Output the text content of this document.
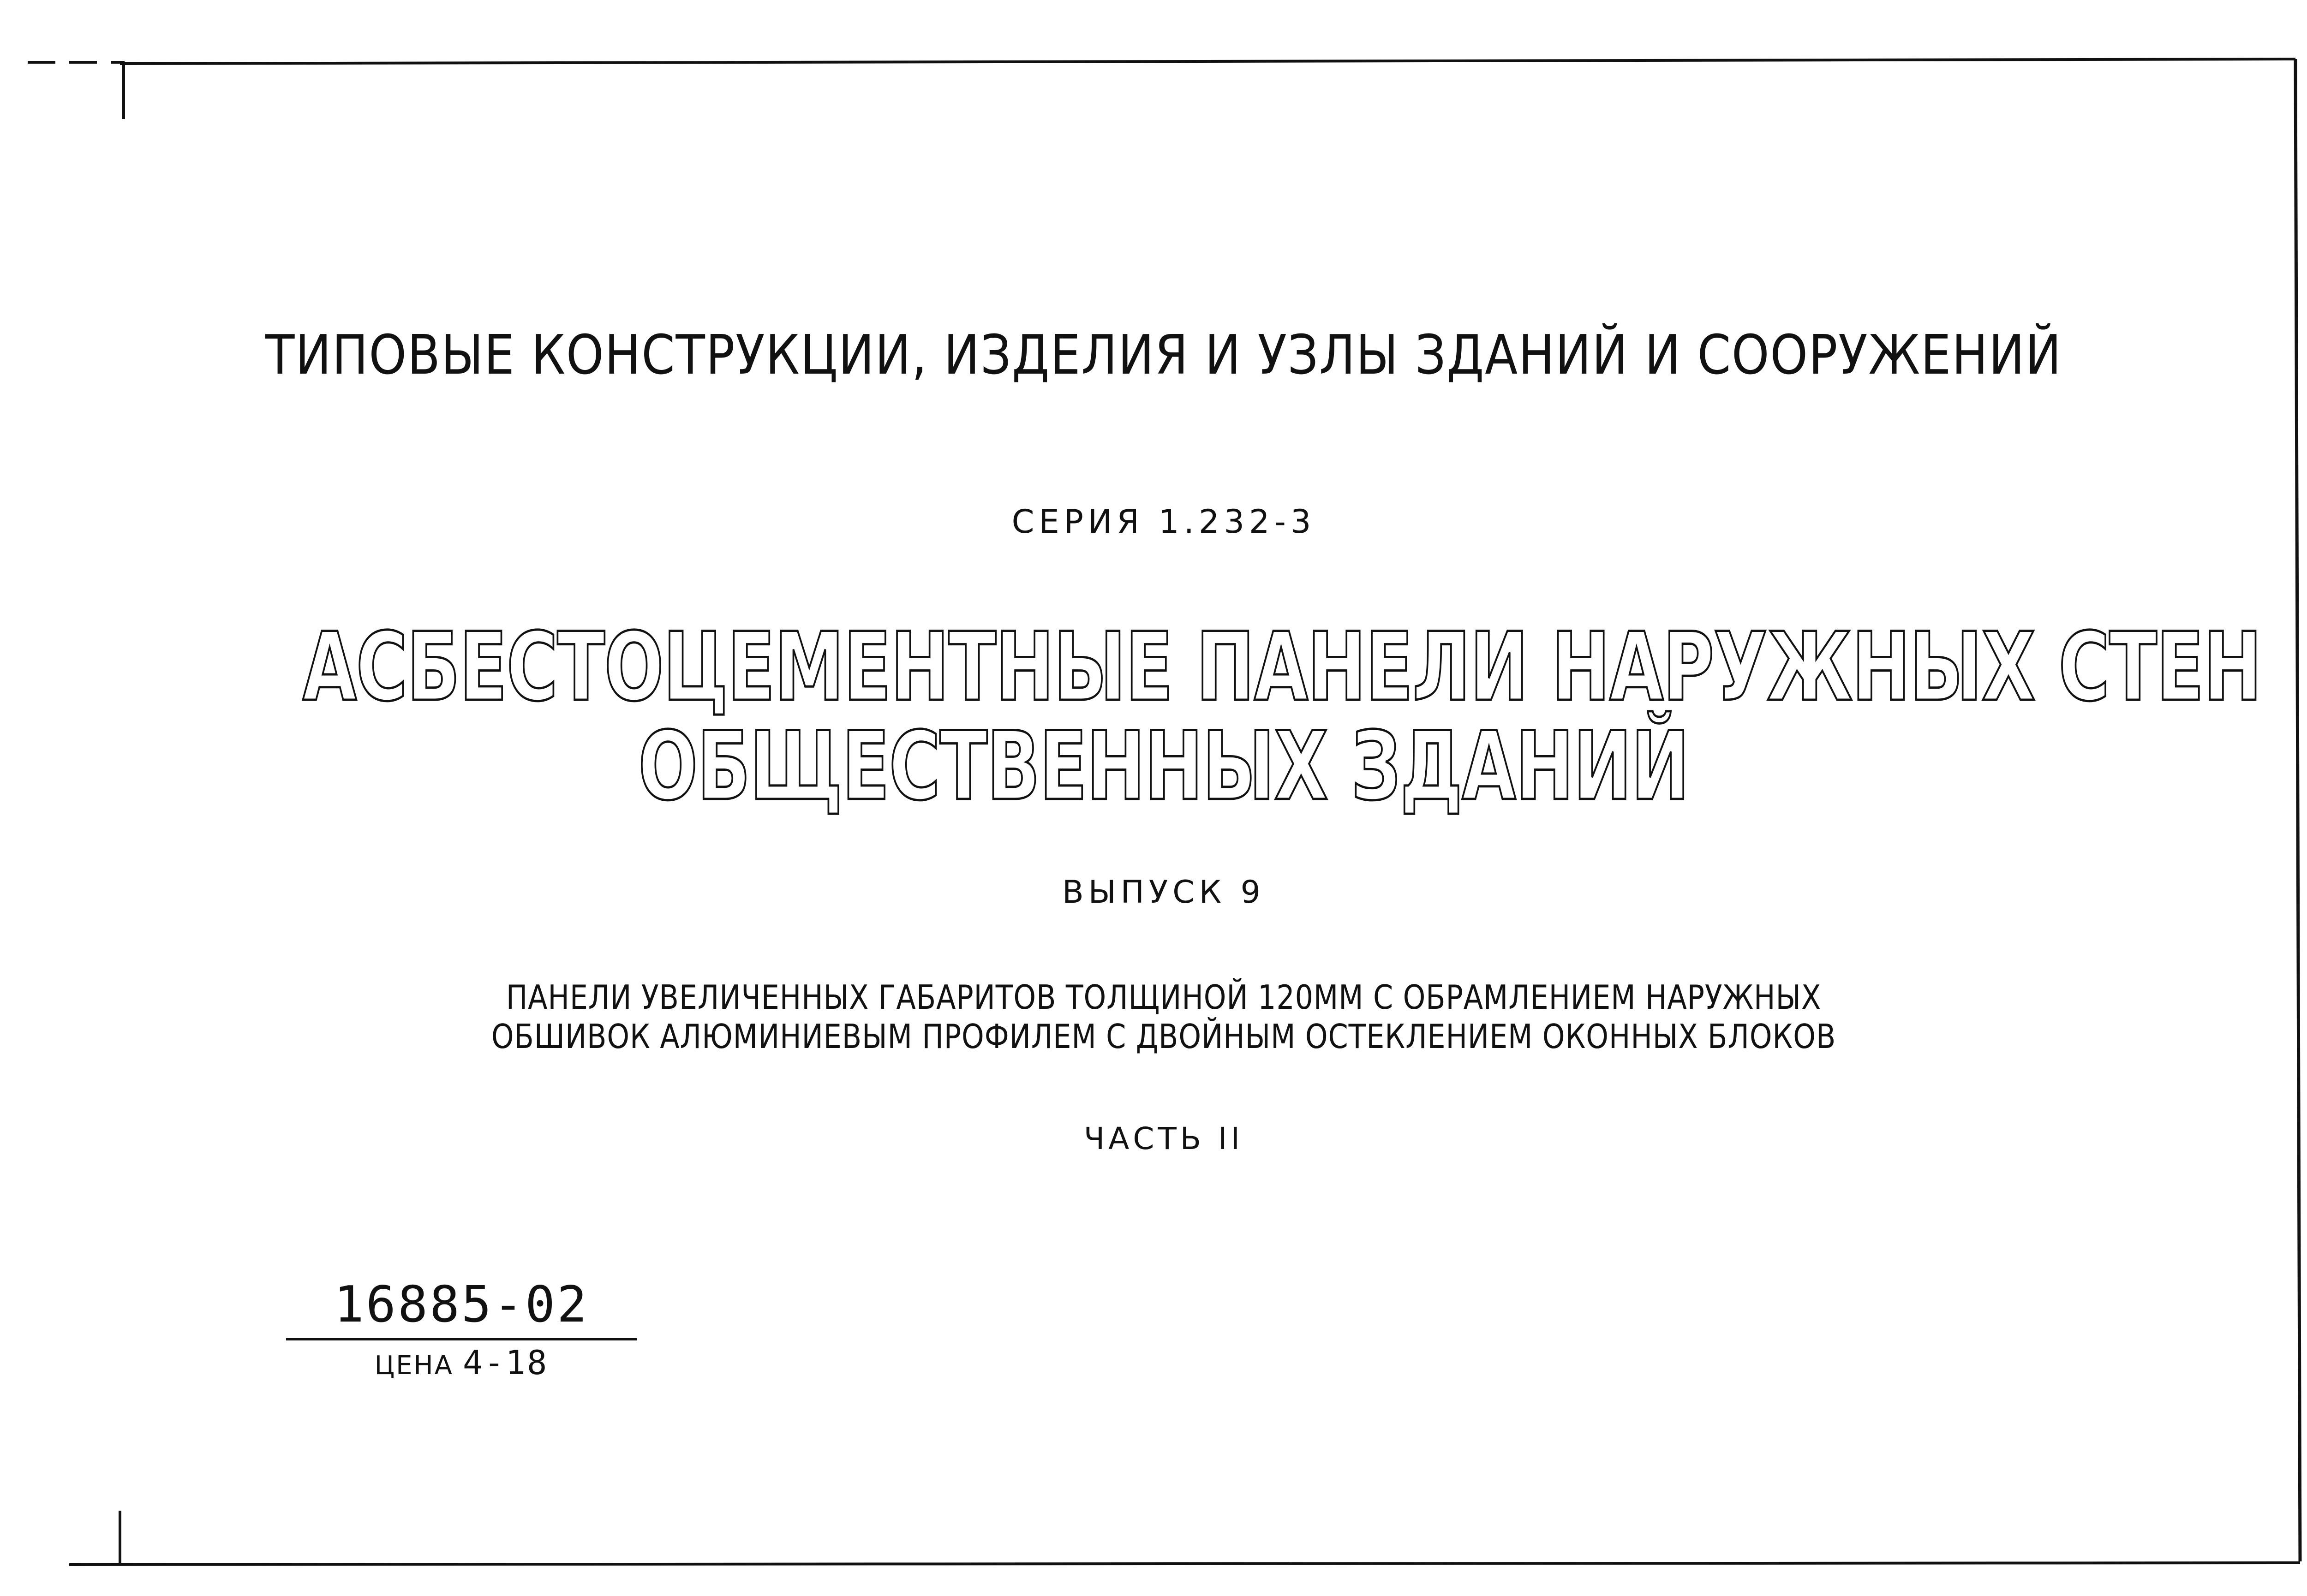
ТИПОВЫЕ КОНСТРУКЦИИ, ИЗДЕЛИЯ И УЗЛЫ ЗДАНИЙ И СООРУЖЕНИЙ
СЕРИЯ 1.232-3
АСБЕСТОЦЕМЕНТНЫЕ ПАНЕЛИ НАРУЖНЫХ СТЕН
ОБЩЕСТВЕННЫХ ЗДАНИЙ
ВЫПУСК 9
ПАНЕЛИ УВЕЛИЧЕННЫХ ГАБАРИТОВ ТОЛЩИНОЙ 120ММ С ОБРАМЛЕНИЕМ НАРУЖНЫХ
ОБШИВОК АЛЮМИНИЕВЫМ ПРОФИЛЕМ С ДВОЙНЫМ ОСТЕКЛЕНИЕМ ОКОННЫХ БЛОКОВ
ЧАСТЬ II
16885-02
ЦЕНА 4-18
